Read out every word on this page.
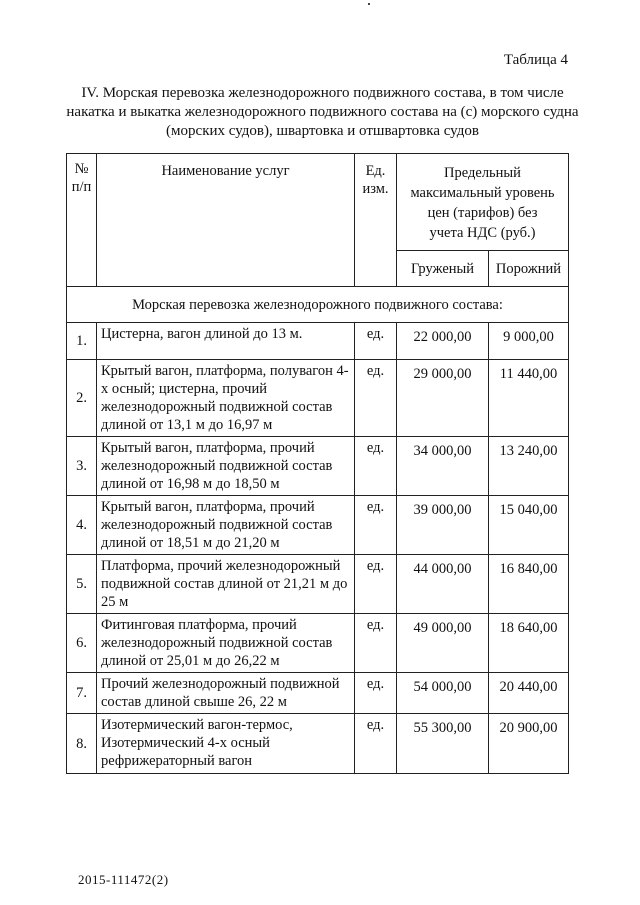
Таблица 4
IV. Морская перевозка железнодорожного подвижного состава, в том числе
накатка и выкатка железнодорожного подвижного состава на (с) морского судна
(морских судов), швартовка и отшвартовка судов
№ п/п	Наименование услуг	Ед. изм.	Предельный максимальный уровень цен (тарифов) без учета НДС (руб.)	
			Груженый	Порожний
Морская перевозка железнодорожного подвижного состава:				
1.	Цистерна, вагон длиной до 13 м.	ед.	22 000,00	9 000,00
2.	Крытый вагон, платформа, полувагон 4-х осный; цистерна, прочий железнодорожный подвижной состав длиной от 13,1 м до 16,97 м	ед.	29 000,00	11 440,00
3.	Крытый вагон, платформа, прочий железнодорожный подвижной состав длиной от 16,98 м до 18,50 м	ед.	34 000,00	13 240,00
4.	Крытый вагон, платформа, прочий железнодорожный подвижной состав длиной от 18,51 м до 21,20 м	ед.	39 000,00	15 040,00
5.	Платформа, прочий железнодорожный подвижной состав длиной от 21,21 м до 25 м	ед.	44 000,00	16 840,00
6.	Фитинговая платформа, прочий железнодорожный подвижной состав длиной от 25,01 м до 26,22 м	ед.	49 000,00	18 640,00
7.	Прочий железнодорожный подвижной состав длиной свыше 26, 22 м	ед.	54 000,00	20 440,00
8.	Изотермический вагон-термос, Изотермический 4-х осный рефрижераторный вагон	ед.	55 300,00	20 900,00
2015-111472(2)
